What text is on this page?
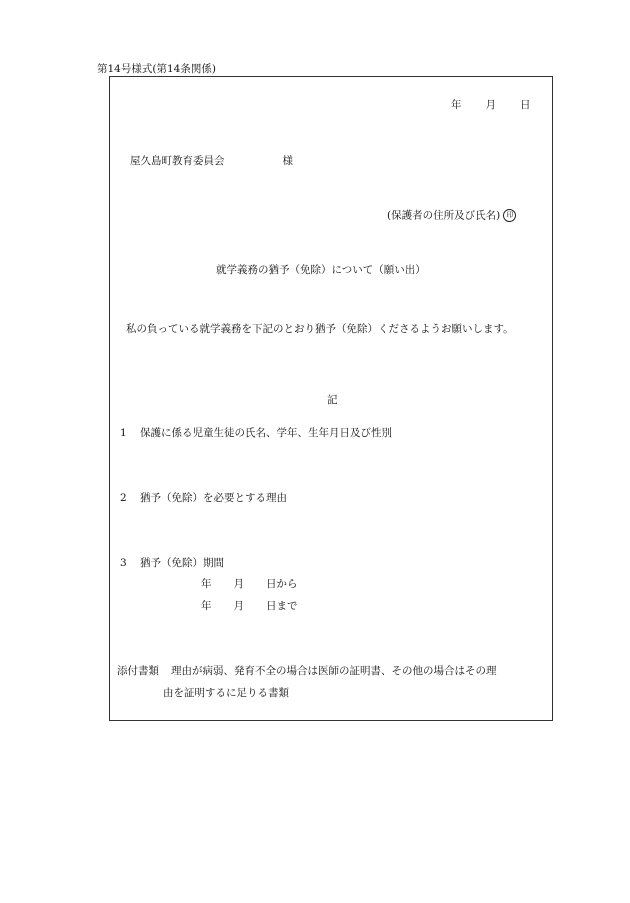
第14号様式(第14条関係)
年 月 日
屋久島町教育委員会	様
(保護者の住所及び氏名) 印
就学義務の猶予（免除）について（願い出）
私の負っている就学義務を下記のとおり猶予（免除）くださるようお願いします。
記
1 保護に係る児童生徒の氏名、学年、生年月日及び性別
2 猶予（免除）を必要とする理由
3 猶予（免除）期間
年 月 日から
年 月 日まで
添付書類 理由が病弱、発育不全の場合は医師の証明書、その他の場合はその理
由を証明するに足りる書類
